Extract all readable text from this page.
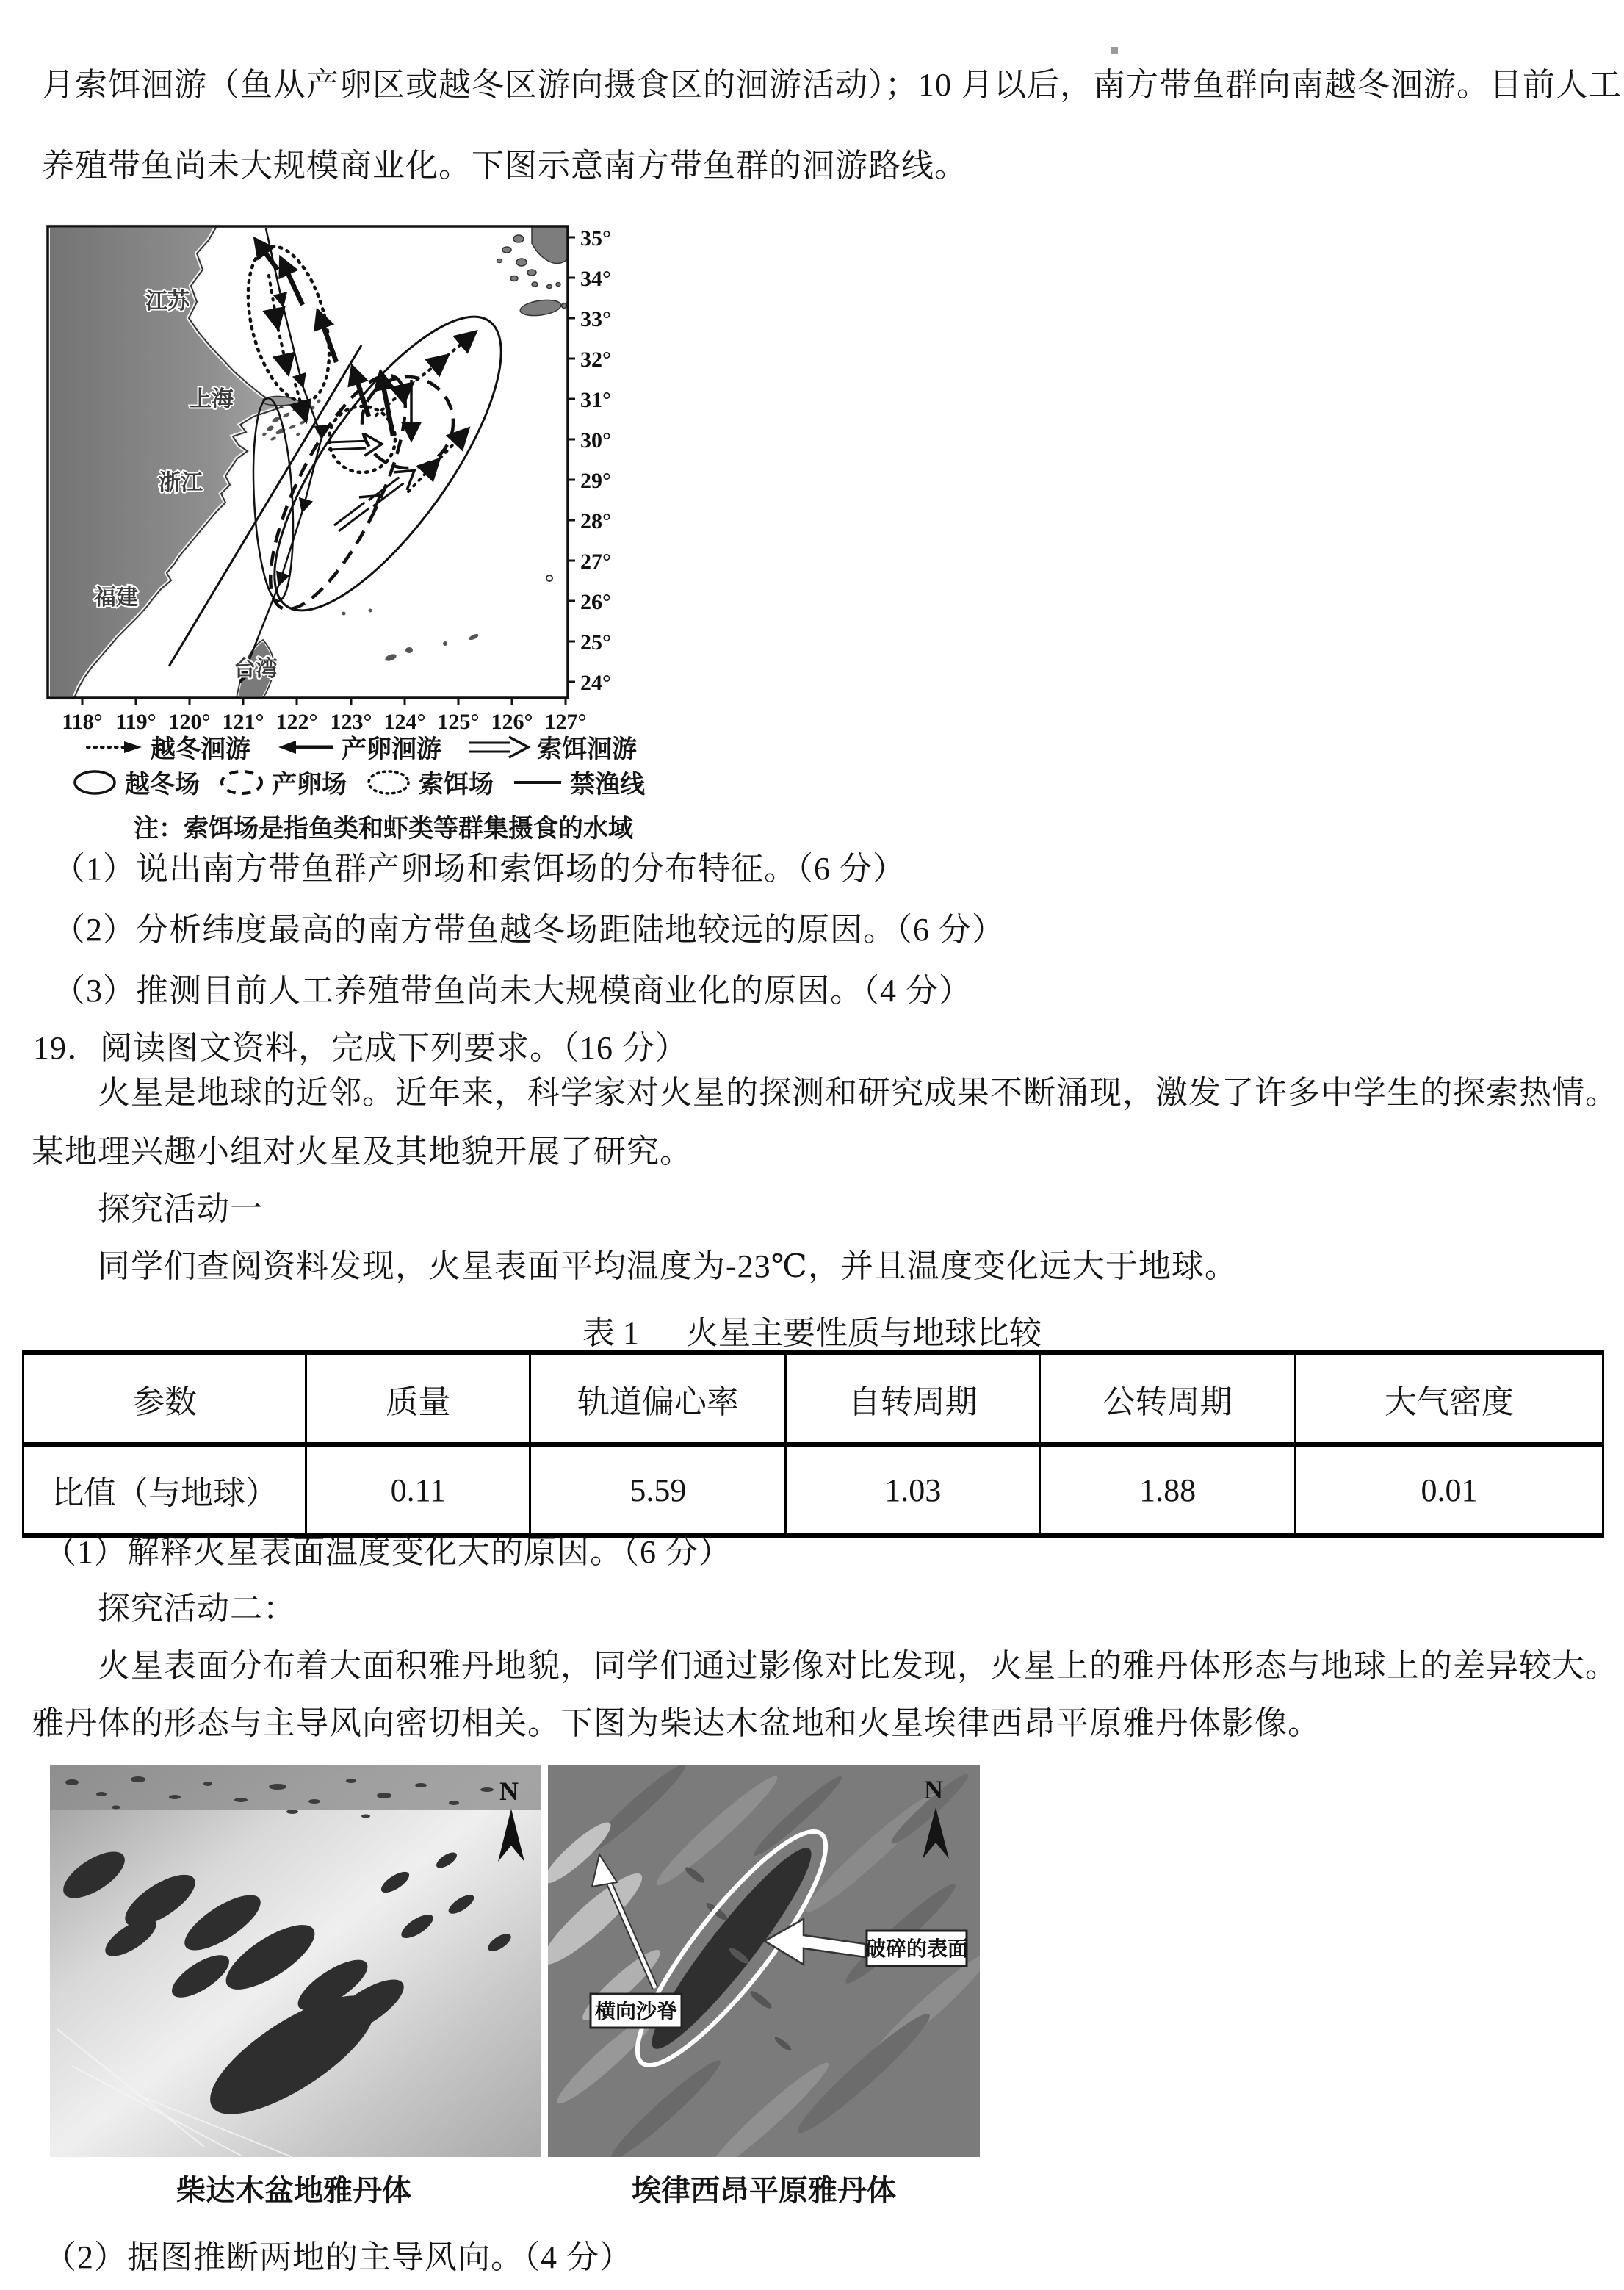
月索饵洄游（鱼从产卵区或越冬区游向摄食区的洄游活动）；10 月以后，南方带鱼群向南越冬洄游。目前人工
养殖带鱼尚未大规模商业化。下图示意南方带鱼群的洄游路线。
江苏
上海
浙江
福建
台湾
35°
34°
33°
32°
31°
30°
29°
28°
27°
26°
25°
24°
118° 119° 120° 121° 122° 123° 124° 125° 126° 127°
越冬洄游	产卵洄游	索饵洄游
越冬场	产卵场	索饵场	禁渔线
注：索饵场是指鱼类和虾类等群集摄食的水域
（1）说出南方带鱼群产卵场和索饵场的分布特征。（6 分）
（2）分析纬度最高的南方带鱼越冬场距陆地较远的原因。（6 分）
（3）推测目前人工养殖带鱼尚未大规模商业化的原因。（4 分）
19．阅读图文资料，完成下列要求。（16 分）
火星是地球的近邻。近年来，科学家对火星的探测和研究成果不断涌现，激发了许多中学生的探索热情。
某地理兴趣小组对火星及其地貌开展了研究。
探究活动一
同学们查阅资料发现，火星表面平均温度为-23℃，并且温度变化远大于地球。
表 1 火星主要性质与地球比较
参数	质量	轨道偏心率	自转周期	公转周期	大气密度
比值（与地球）	0.11	5.59	1.03	1.88	0.01
（1）解释火星表面温度变化大的原因。（6 分）
探究活动二：
火星表面分布着大面积雅丹地貌，同学们通过影像对比发现，火星上的雅丹体形态与地球上的差异较大。
雅丹体的形态与主导风向密切相关。下图为柴达木盆地和火星埃律西昂平原雅丹体影像。
N
破碎的表面
横向沙脊
N
柴达木盆地雅丹体	埃律西昂平原雅丹体
（2）据图推断两地的主导风向。（4 分）
